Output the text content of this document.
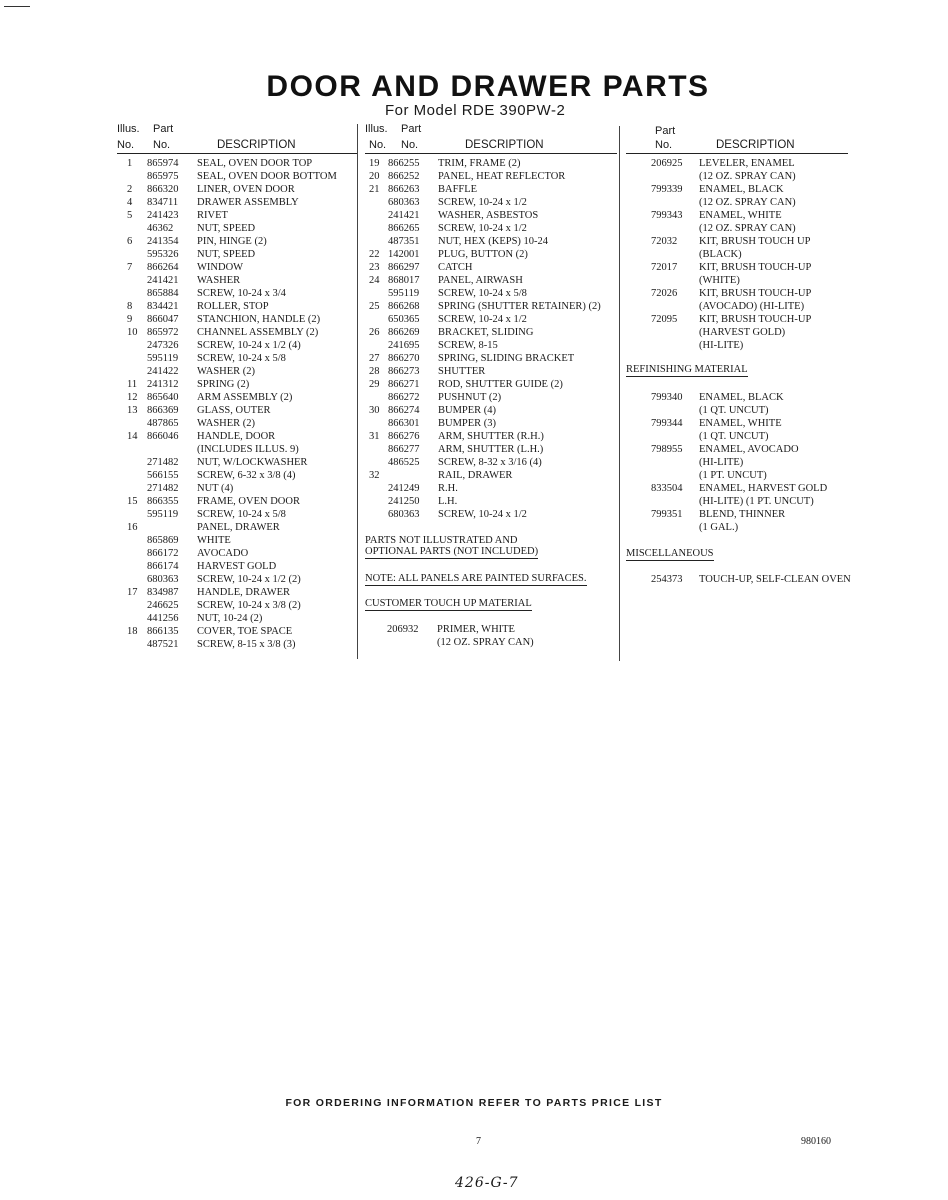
DOOR AND DRAWER PARTS
For Model RDE 390PW-2
Illus. Part
No. No.	DESCRIPTION
1 865974 SEAL, OVEN DOOR TOP
865975 SEAL, OVEN DOOR BOTTOM
2 866320 LINER, OVEN DOOR
4 834711 DRAWER ASSEMBLY
5 241423 RIVET
46362 NUT, SPEED
6 241354 PIN, HINGE (2)
595326 NUT, SPEED
7 866264 WINDOW
241421 WASHER
865884 SCREW, 10-24 x 3/4
8 834421 ROLLER, STOP
9 866047 STANCHION, HANDLE (2)
10 865972 CHANNEL ASSEMBLY (2)
247326 SCREW, 10-24 x 1/2 (4)
595119 SCREW, 10-24 x 5/8
241422 WASHER (2)
11 241312 SPRING (2)
12 865640 ARM ASSEMBLY (2)
13 866369 GLASS, OUTER
487865 WASHER (2)
14 866046 HANDLE, DOOR
(INCLUDES ILLUS. 9)
271482 NUT, W/LOCKWASHER
566155 SCREW, 6-32 x 3/8 (4)
271482 NUT (4)
15 866355 FRAME, OVEN DOOR
595119 SCREW, 10-24 x 5/8
16	PANEL, DRAWER
865869 WHITE
866172 AVOCADO
866174 HARVEST GOLD
680363 SCREW, 10-24 x 1/2 (2)
17 834987 HANDLE, DRAWER
246625 SCREW, 10-24 x 3/8 (2)
441256 NUT, 10-24 (2)
18 866135 COVER, TOE SPACE
487521 SCREW, 8-15 x 3/8 (3)
Illus. Part
No. No.	DESCRIPTION
19 866255 TRIM, FRAME (2)
20 866252 PANEL, HEAT REFLECTOR
21 866263 BAFFLE
680363 SCREW, 10-24 x 1/2
241421 WASHER, ASBESTOS
866265 SCREW, 10-24 x 1/2
487351 NUT, HEX (KEPS) 10-24
22 142001 PLUG, BUTTON (2)
23 866297 CATCH
24 868017 PANEL, AIRWASH
595119 SCREW, 10-24 x 5/8
25 866268 SPRING (SHUTTER RETAINER) (2)
650365 SCREW, 10-24 x 1/2
26 866269 BRACKET, SLIDING
241695 SCREW, 8-15
27 866270 SPRING, SLIDING BRACKET
28 866273 SHUTTER
29 866271 ROD, SHUTTER GUIDE (2)
866272 PUSHNUT (2)
30 866274 BUMPER (4)
866301 BUMPER (3)
31 866276 ARM, SHUTTER (R.H.)
866277 ARM, SHUTTER (L.H.)
486525 SCREW, 8-32 x 3/16 (4)
32	RAIL, DRAWER
241249 R.H.
241250 L.H.
680363 SCREW, 10-24 x 1/2
PARTS NOT ILLUSTRATED AND
OPTIONAL PARTS (NOT INCLUDED)
NOTE: ALL PANELS ARE PAINTED SURFACES.
CUSTOMER TOUCH UP MATERIAL
206932 PRIMER, WHITE
(12 OZ. SPRAY CAN)
Part
No.	DESCRIPTION
206925 LEVELER, ENAMEL
(12 OZ. SPRAY CAN)
799339 ENAMEL, BLACK
(12 OZ. SPRAY CAN)
799343 ENAMEL, WHITE
(12 OZ. SPRAY CAN)
72032 KIT, BRUSH TOUCH UP
(BLACK)
72017 KIT, BRUSH TOUCH-UP
(WHITE)
72026 KIT, BRUSH TOUCH-UP
(AVOCADO) (HI-LITE)
72095 KIT, BRUSH TOUCH-UP
(HARVEST GOLD)
(HI-LITE)
REFINISHING MATERIAL
799340 ENAMEL, BLACK
(1 QT. UNCUT)
799344 ENAMEL, WHITE
(1 QT. UNCUT)
798955 ENAMEL, AVOCADO
(HI-LITE)
(1 PT. UNCUT)
833504 ENAMEL, HARVEST GOLD
(HI-LITE) (1 PT. UNCUT)
799351 BLEND, THINNER
(1 GAL.)
MISCELLANEOUS
254373 TOUCH-UP, SELF-CLEAN OVEN
FOR ORDERING INFORMATION REFER TO PARTS PRICE LIST
7	980160
426-G-7
